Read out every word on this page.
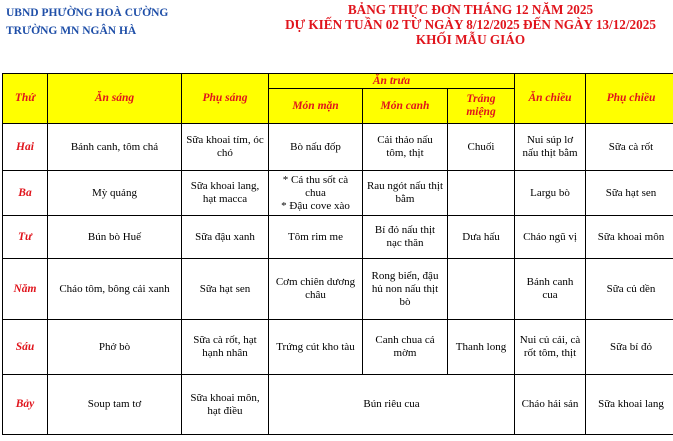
UBND PHƯỜNG HOÀ CƯỜNG
TRƯỜNG MN NGÂN HÀ
BẢNG THỰC ĐƠN THÁNG 12 NĂM 2025
DỰ KIẾN TUẦN 02 TỪ NGÀY 8/12/2025 ĐẾN NGÀY 13/12/2025
KHỐI MẪU GIÁO
Thứ	Ăn sáng	Phụ sáng	Ăn trưa			Ăn chiều	Phụ chiều
			Món mặn	Món canh	Tráng miệng		
Hai	Bánh canh, tôm chả	Sữa khoai tím, óc chó	Bò nấu đốp	Cải thảo nấu tôm, thịt	Chuối	Nui súp lơ nấu thịt bằm	Sữa cà rốt
Ba	Mỳ quảng	Sữa khoai lang, hạt macca	* Cá thu sốt cà chua
* Đậu cove xào	Rau ngót nấu thịt bằm		Largu bò	Sữa hạt sen
Tư	Bún bò Huế	Sữa đậu xanh	Tôm rim me	Bí đỏ nấu thịt nạc thăn	Dưa hấu	Cháo ngũ vị	Sữa khoai môn
Năm	Cháo tôm, bông cải xanh	Sữa hạt sen	Cơm chiên dương châu	Rong biển, đậu hủ non nấu thịt bò		Bánh canh cua	Sữa củ dền
Sáu	Phở bò	Sữa cà rốt, hạt hạnh nhân	Trứng cút kho tàu	Canh chua cá mờm	Thanh long	Nui củ cải, cà rốt tôm, thịt	Sữa bí đỏ
Bảy	Soup tam tơ	Sữa khoai môn, hạt điều	Bún riêu cua			Cháo hải sản	Sữa khoai lang
